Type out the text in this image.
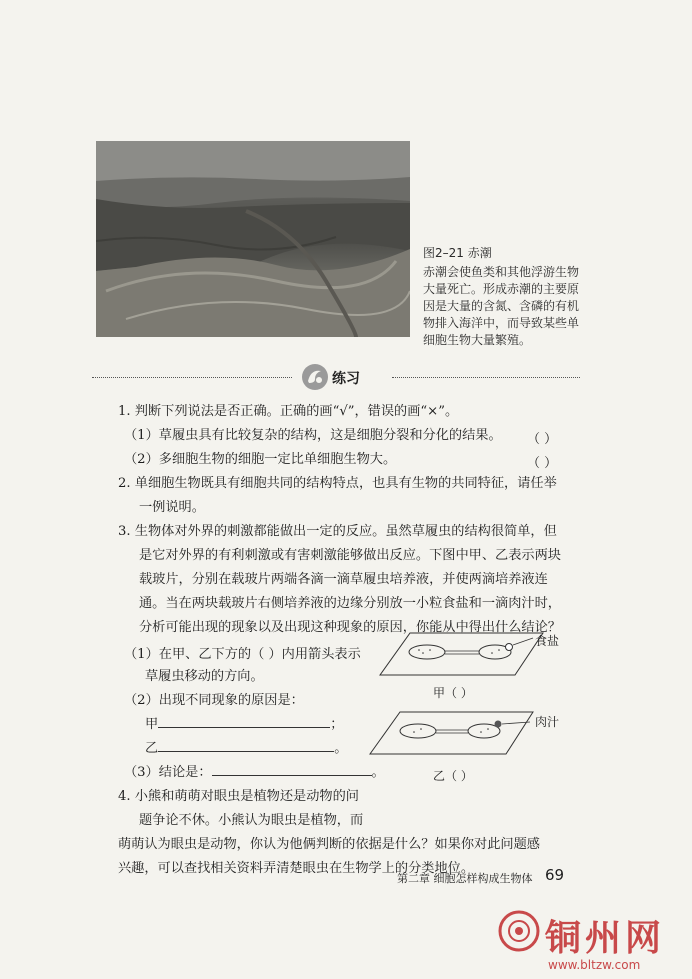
图2–21 赤潮
赤潮会使鱼类和其他浮游生物
大量死亡。形成赤潮的主要原
因是大量的含氮、含磷的有机
物排入海洋中，而导致某些单
细胞生物大量繁殖。
练习
1. 判断下列说法是否正确。正确的画“√”，错误的画“×”。
（1）草履虫具有比较复杂的结构，这是细胞分裂和分化的结果。 （ ）
（2）多细胞生物的细胞一定比单细胞生物大。	（ ）
2. 单细胞生物既具有细胞共同的结构特点，也具有生物的共同特征，请任举
一例说明。
3. 生物体对外界的刺激都能做出一定的反应。虽然草履虫的结构很简单，但
是它对外界的有利刺激或有害刺激能够做出反应。下图中甲、乙表示两块
载玻片，分别在载玻片两端各滴一滴草履虫培养液，并使两滴培养液连
通。当在两块载玻片右侧培养液的边缘分别放一小粒食盐和一滴肉汁时，
分析可能出现的现象以及出现这种现象的原因，你能从中得出什么结论？
（1）在甲、乙下方的（ ）内用箭头表示
草履虫移动的方向。
（2）出现不同现象的原因是：
甲	；
乙	。
（3）结论是：	。
食盐
甲（ ）
肉汁
乙（ ）
4. 小熊和萌萌对眼虫是植物还是动物的问
题争论不休。小熊认为眼虫是植物，而
萌萌认为眼虫是动物，你认为他俩判断的依据是什么？如果你对此问题感
兴趣，可以查找相关资料弄清楚眼虫在生物学上的分类地位。
第二章 细胞怎样构成生物体 69
铜州网
www.bltzw.com
